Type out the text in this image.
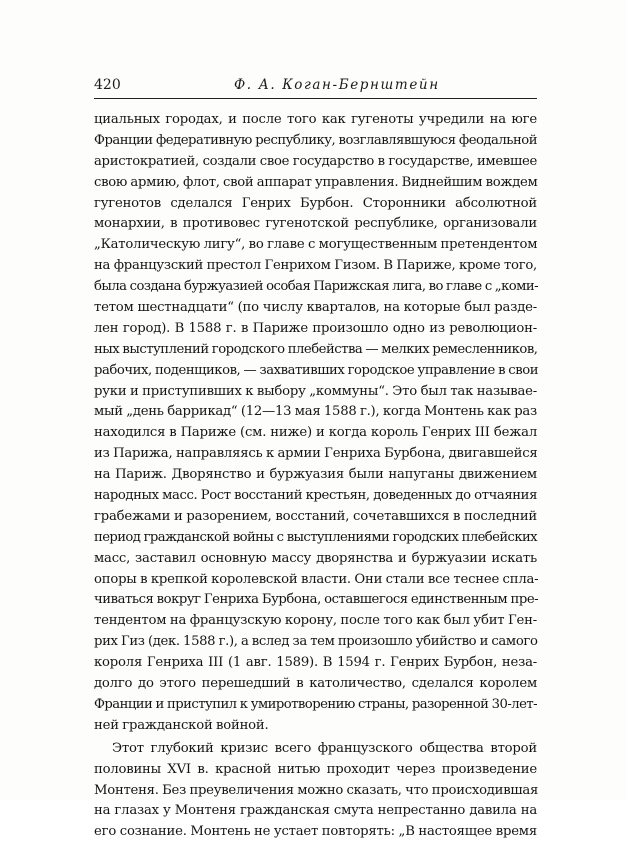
420	Ф. А. Коган-Бернштейн
циальных городах, и после того как гугеноты учредили на юге
Франции федеративную республику, возглавлявшуюся феодальной
аристократией, создали свое государство в государстве, имевшее
свою армию, флот, свой аппарат управления. Виднейшим вождем
гугенотов сделался Генрих Бурбон. Сторонники абсолютной
монархии, в противовес гугенотской республике, организовали
„Католическую лигу“, во главе с могущественным претендентом
на французский престол Генрихом Гизом. В Париже, кроме того,
была создана буржуазией особая Парижская лига, во главе с „коми-
тетом шестнадцати“ (по числу кварталов, на которые был разде-
лен город). В 1588 г. в Париже произошло одно из революцион-
ных выступлений городского плебейства — мелких ремесленников,
рабочих, поденщиков, — захвативших городское управление в свои
руки и приступивших к выбору „коммуны“. Это был так называе-
мый „день баррикад“ (12—13 мая 1588 г.), когда Монтень как раз
находился в Париже (см. ниже) и когда король Генрих III бежал
из Парижа, направляясь к армии Генриха Бурбона, двигавшейся
на Париж. Дворянство и буржуазия были напуганы движением
народных масс. Рост восстаний крестьян, доведенных до отчаяния
грабежами и разорением, восстаний, сочетавшихся в последний
период гражданской войны с выступлениями городских плебейских
масс, заставил основную массу дворянства и буржуазии искать
опоры в крепкой королевской власти. Они стали все теснее спла-
чиваться вокруг Генриха Бурбона, оставшегося единственным пре-
тендентом на французскую корону, после того как был убит Ген-
рих Гиз (дек. 1588 г.), а вслед за тем произошло убийство и самого
короля Генриха III (1 авг. 1589). В 1594 г. Генрих Бурбон, неза-
долго до этого перешедший в католичество, сделался королем
Франции и приступил к умиротворению страны, разоренной 30-лет-
ней гражданской войной.
Этот глубокий кризис всего французского общества второй
половины XVI в. красной нитью проходит через произведение
Монтеня. Без преувеличения можно сказать, что происходившая
на глазах у Монтеня гражданская смута непрестанно давила на
его сознание. Монтень не устает повторять: „В настоящее время
